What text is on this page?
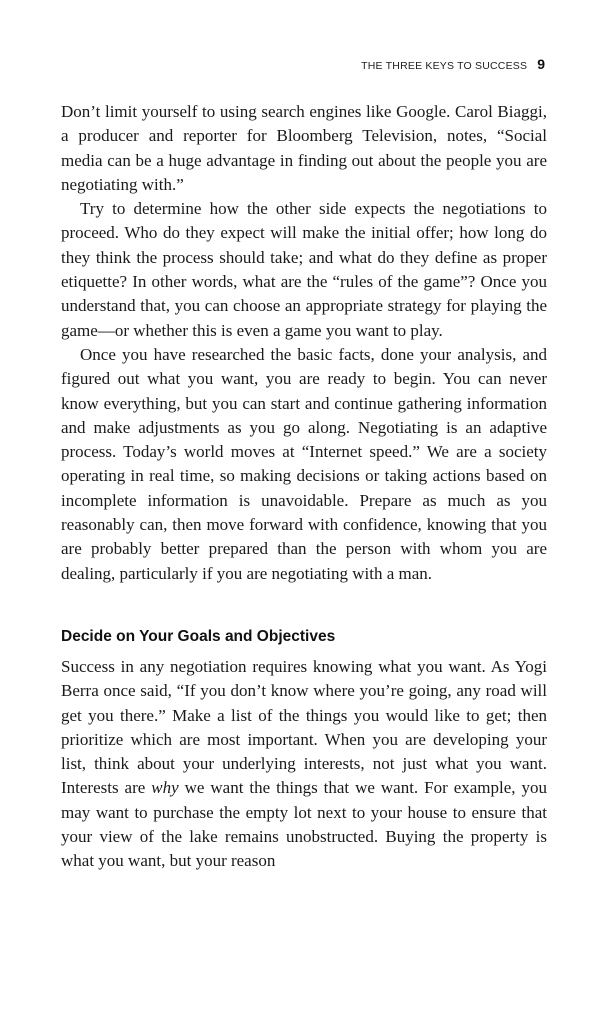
THE THREE KEYS TO SUCCESS 9

Don’t limit yourself to using search engines like Google. Carol Biaggi, a producer and reporter for Bloomberg Television, notes, “Social media can be a huge advantage in finding out about the people you are negotiating with.”

Try to determine how the other side expects the negotiations to proceed. Who do they expect will make the initial offer; how long do they think the process should take; and what do they define as proper etiquette? In other words, what are the “rules of the game”? Once you understand that, you can choose an appropriate strategy for playing the game—or whether this is even a game you want to play.

Once you have researched the basic facts, done your analysis, and figured out what you want, you are ready to begin. You can never know everything, but you can start and continue gathering information and make adjustments as you go along. Negotiating is an adaptive process. Today’s world moves at “Internet speed.” We are a society operating in real time, so making decisions or taking actions based on incomplete information is unavoidable. Prepare as much as you reasonably can, then move forward with confidence, knowing that you are probably better prepared than the person with whom you are dealing, particularly if you are negotiating with a man.

Decide on Your Goals and Objectives

Success in any negotiation requires knowing what you want. As Yogi Berra once said, “If you don’t know where you’re going, any road will get you there.” Make a list of the things you would like to get; then prioritize which are most important. When you are developing your list, think about your underlying interests, not just what you want. Interests are why we want the things that we want. For example, you may want to purchase the empty lot next to your house to ensure that your view of the lake remains unobstructed. Buying the property is what you want, but your reason
